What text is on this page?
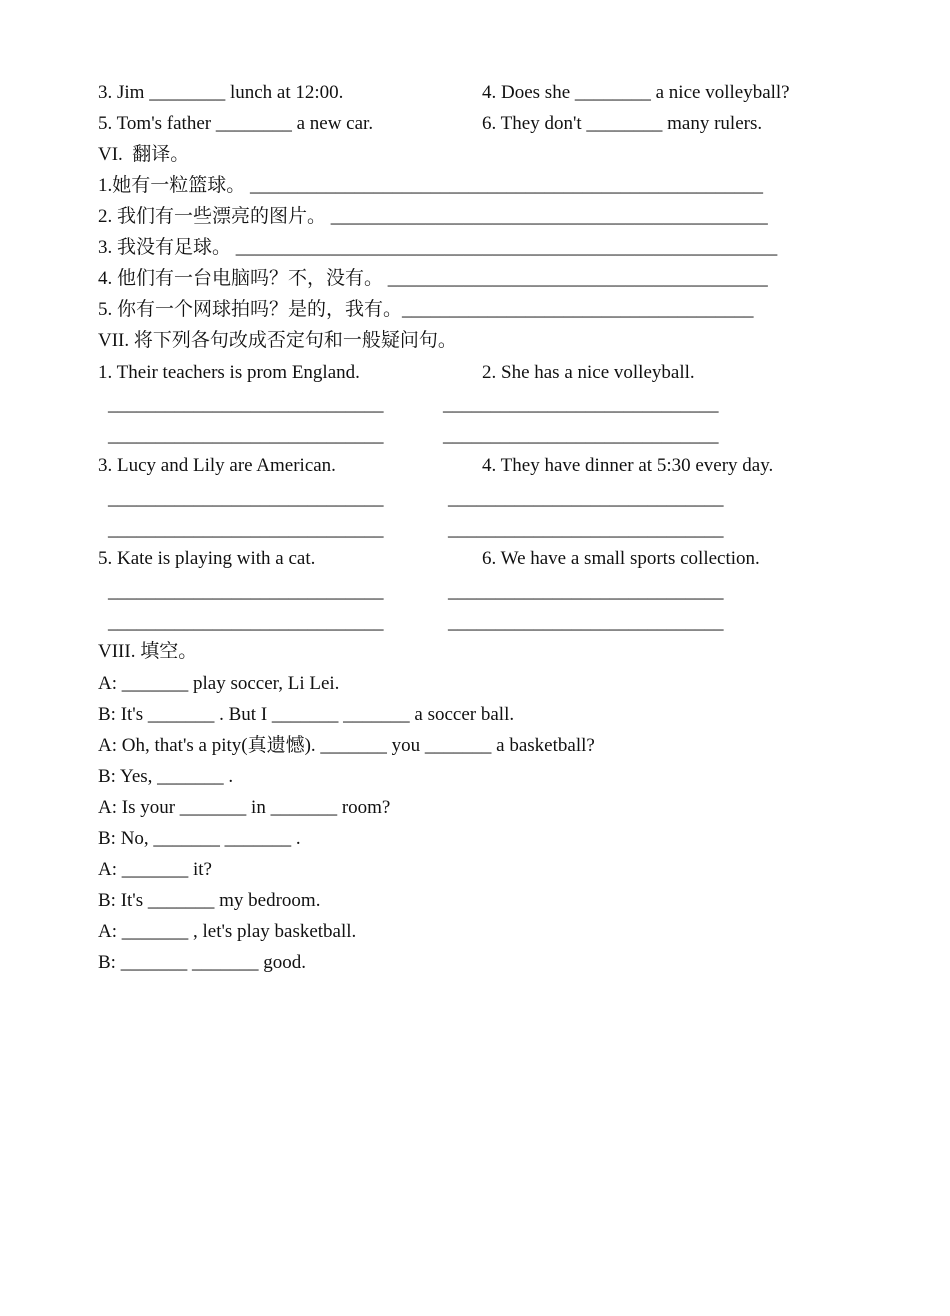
3. Jim ________ lunch at 12:00.	4. Does she ________ a nice volleyball?
5. Tom's father ________ a new car.	6. They don't ________ many rulers.
VI.  翻译。
1.她有一粒篮球。 ______________________________________________________
2. 我们有一些漂亮的图片。 ______________________________________________
3. 我没有足球。 _________________________________________________________
4. 他们有一台电脑吗？不，没有。 ________________________________________
5. 你有一个网球拍吗？是的，我有。_____________________________________
VII. 将下列各句改成否定句和一般疑问句。
1. Their teachers is prom England.	2. She has a nice volleyball.
_____________________________	_____________________________
_____________________________	_____________________________
3. Lucy and Lily are American.	4. They have dinner at 5:30 every day.
_____________________________	_____________________________
_____________________________	_____________________________
5. Kate is playing with a cat.	6. We have a small sports collection.
_____________________________	_____________________________
_____________________________	_____________________________
VIII. 填空。
A: _______ play soccer, Li Lei.
B: It's _______ . But I _______ _______ a soccer ball.
A: Oh, that's a pity(真遗憾). _______ you _______ a basketball?
B: Yes, _______ .
A: Is your _______ in _______ room?
B: No, _______ _______ .
A: _______ it?
B: It's _______ my bedroom.
A: _______ , let's play basketball.
B: _______ _______ good.
